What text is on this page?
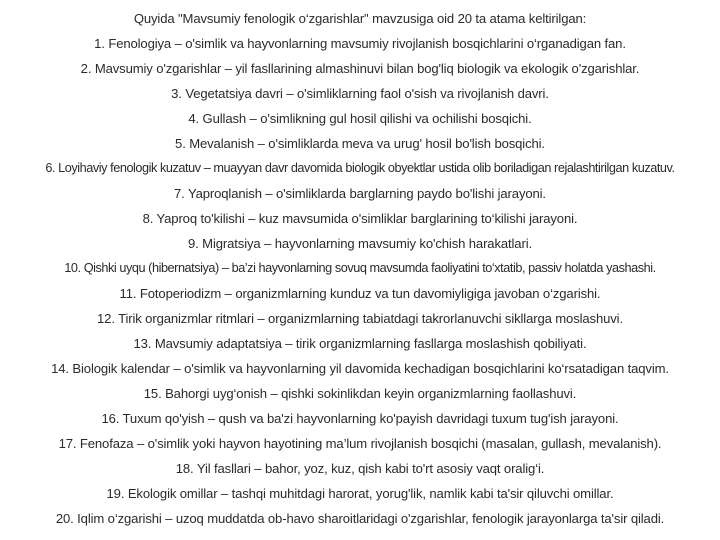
Quyida "Mavsumiy fenologik o‘zgarishlar" mavzusiga oid 20 ta atama keltirilgan:
1. Fenologiya – o'simlik va hayvonlarning mavsumiy rivojlanish bosqichlarini o‘rganadigan fan.
2. Mavsumiy o'zgarishlar – yil fasllarining almashinuvi bilan bog'liq biologik va ekologik o'zgarishlar.
3. Vegetatsiya davri – o'simliklarning faol o'sish va rivojlanish davri.
4. Gullash – o'simlikning gul hosil qilishi va ochilishi bosqichi.
5. Mevalanish – o'simliklarda meva va urug' hosil bo'lish bosqichi.
6. Loyihaviy fenologik kuzatuv – muayyan davr davomida biologik obyektlar ustida olib boriladigan rejalashtirilgan kuzatuv.
7. Yaproqlanish – o'simliklarda barglarning paydo bo'lishi jarayoni.
8. Yaproq to'kilishi – kuz mavsumida o'simliklar barglarining to‘kilishi jarayoni.
9. Migratsiya – hayvonlarning mavsumiy ko'chish harakatlari.
10. Qishki uyqu (hibernatsiya) – ba’zi hayvonlarning sovuq mavsumda faoliyatini to‘xtatib, passiv holatda yashashi.
11. Fotoperiodizm – organizmlarning kunduz va tun davomiyligiga javoban o‘zgarishi.
12. Tirik organizmlar ritmlari – organizmlarning tabiatdagi takrorlanuvchi sikllarga moslashuvi.
13. Mavsumiy adaptatsiya – tirik organizmlarning fasllarga moslashish qobiliyati.
14. Biologik kalendar – o'simlik va hayvonlarning yil davomida kechadigan bosqichlarini ko‘rsatadigan taqvim.
15. Bahorgi uyg‘onish – qishki sokinlikdan keyin organizmlarning faollashuvi.
16. Tuxum qo'yish – qush va ba'zi hayvonlarning ko'payish davridagi tuxum tug'ish jarayoni.
17. Fenofaza – o'simlik yoki hayvon hayotining ma’lum rivojlanish bosqichi (masalan, gullash, mevalanish).
18. Yil fasllari – bahor, yoz, kuz, qish kabi to'rt asosiy vaqt oralig‘i.
19. Ekologik omillar – tashqi muhitdagi harorat, yorug'lik, namlik kabi ta'sir qiluvchi omillar.
20. Iqlim o‘zgarishi – uzoq muddatda ob-havo sharoitlaridagi o'zgarishlar, fenologik jarayonlarga ta'sir qiladi.
